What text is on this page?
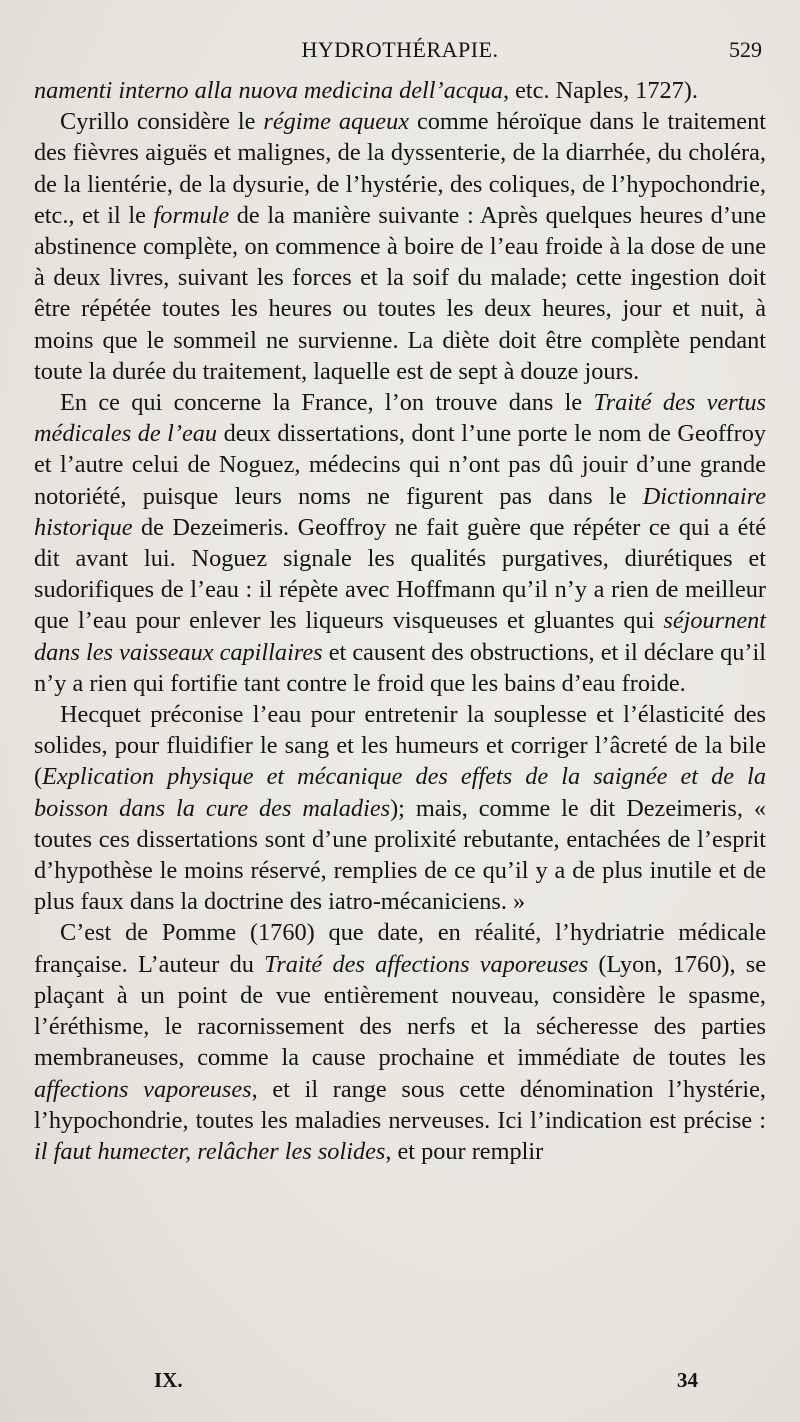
HYDROTHÉRAPIE.	529

namenti interno alla nuova medicina dell’acqua, etc. Naples, 1727).

Cyrillo considère le régime aqueux comme héroïque dans le traitement des fièvres aiguës et malignes, de la dyssenterie, de la diarrhée, du choléra, de la lientérie, de la dysurie, de l’hystérie, des coliques, de l’hypochondrie, etc., et il le formule de la manière suivante : Après quelques heures d’une abstinence complète, on commence à boire de l’eau froide à la dose de une à deux livres, suivant les forces et la soif du malade; cette ingestion doit être répétée toutes les heures ou toutes les deux heures, jour et nuit, à moins que le sommeil ne survienne. La diète doit être complète pendant toute la durée du traitement, laquelle est de sept à douze jours.

En ce qui concerne la France, l’on trouve dans le Traité des vertus médicales de l’eau deux dissertations, dont l’une porte le nom de Geoffroy et l’autre celui de Noguez, médecins qui n’ont pas dû jouir d’une grande notoriété, puisque leurs noms ne figurent pas dans le Dictionnaire historique de Dezeimeris. Geoffroy ne fait guère que répéter ce qui a été dit avant lui. Noguez signale les qualités purgatives, diurétiques et sudorifiques de l’eau : il répète avec Hoffmann qu’il n’y a rien de meilleur que l’eau pour enlever les liqueurs visqueuses et gluantes qui séjournent dans les vaisseaux capillaires et causent des obstructions, et il déclare qu’il n’y a rien qui fortifie tant contre le froid que les bains d’eau froide.

Hecquet préconise l’eau pour entretenir la souplesse et l’élasticité des solides, pour fluidifier le sang et les humeurs et corriger l’âcreté de la bile (Explication physique et mécanique des effets de la saignée et de la boisson dans la cure des maladies); mais, comme le dit Dezeimeris, « toutes ces dissertations sont d’une prolixité rebutante, entachées de l’esprit d’hypothèse le moins réservé, remplies de ce qu’il y a de plus inutile et de plus faux dans la doctrine des iatro-mécaniciens. »

C’est de Pomme (1760) que date, en réalité, l’hydriatrie médicale française. L’auteur du Traité des affections vaporeuses (Lyon, 1760), se plaçant à un point de vue entièrement nouveau, considère le spasme, l’éréthisme, le racornissement des nerfs et la sécheresse des parties membraneuses, comme la cause prochaine et immédiate de toutes les affections vaporeuses, et il range sous cette dénomination l’hystérie, l’hypochondrie, toutes les maladies nerveuses. Ici l’indication est précise : il faut humecter, relâcher les solides, et pour remplir

IX.	34
